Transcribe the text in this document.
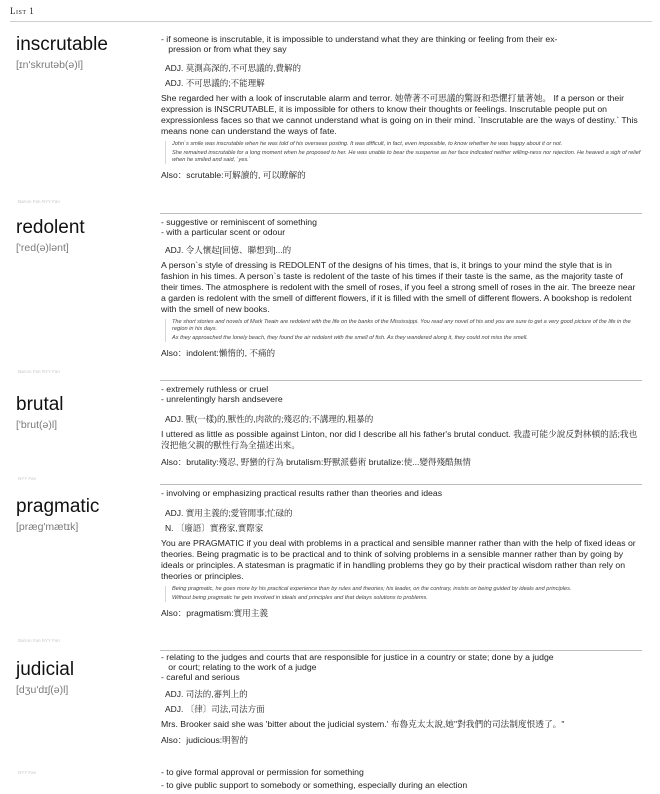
List 1
inscrutable
[ɪn'skrutəb(ə)l]
- if someone is inscrutable, it is impossible to understand what they are thinking or feeling from their ex-
pression or from what they say
ADJ. 莫測高深的,不可思議的,費解的
ADJ. 不可思議的;不能理解
She regarded her with a look of inscrutable alarm and terror. 她帶著不可思議的驚訝和恐懼打量著她。 If a person or their expression is INSCRUTABLE, it is impossible for others to know their thoughts or feelings. Inscrutable people put on expressionless faces so that we cannot understand what is going on in their mind. `Inscrutable are the ways of destiny.` This means none can understand the ways of fate.
John`s smile was inscrutable when he was told of his overseas posting. It was difficult, in fact, even impossible, to know whether he was happy about it or not.
She remained inscrutable for a long moment when he proposed to her. He was unable to bear the suspense as her face indicated neither willing-ness nor rejection. He heaved a sigh of relief when he smiled and said, `yes.`
Also：scrutable:可解讀的, 可以瞭解的
Barron Fan NYY Fan
redolent
['red(ə)lənt]
- suggestive or reminiscent of something
- with a particular scent or odour
ADJ. 令人懷起[回憶、聯想到]...的
A person`s style of dressing is REDOLENT of the designs of his times, that is, it brings to your mind the style that is in fashion in his times. A person`s taste is redolent of the taste of his times if their taste is the same, as the majority taste of their times. The atmosphere is redolent with the smell of roses, if you feel a strong smell of roses in the air. The breeze near a garden is redolent with the smell of different flowers, if it is filled with the smell of different flowers. A bookshop is redolent with the smell of new books.
The short stories and novels of Mark Twain are redolent with the life on the banks of the Mississippi. You read any novel of his and you are sure to get a very good picture of the life in the region in his days.
As they approached the lonely beach, they found the air redolent with the smell of fish. As they wandered along it, they could not miss the smell.
Also：indolent:懶惰的, 不痛的
Barron Fan NYY Fan
brutal
['brut(ə)l]
- extremely ruthless or cruel
- unrelentingly harsh andsevere
ADJ. 獸(一樣)的,獸性的,肉欲的;殘忍的;不講理的,粗暴的
I uttered as little as possible against Linton, nor did I describe all his father's brutal conduct. 我盡可能少說反對林頓的話;我也沒把他父親的獸性行為全描述出來。
Also：brutality:殘忍, 野蠻的行為 brutalism:野獸派藝術 brutalize:使...變得殘酷無情
NYY Fan
pragmatic
[præg'mætɪk]
- involving or emphasizing practical results rather than theories and ideas
ADJ. 實用主義的;愛管閒事;忙碌的
N. 〔廢語〕實務家,實際家
You are PRAGMATIC if you deal with problems in a practical and sensible manner rather than with the help of fixed ideas or theories. Being pragmatic is to be practical and to think of solving problems in a sensible manner rather than by going by ideals or principles. A statesman is pragmatic if in handling problems they go by their practical wisdom rather than rely on theories or principles.
Being pragmatic, he goes more by his practical experience than by rules and theories; his leader, on the contrary, insists on being guided by ideals and principles.
Without being pragmatic he gets involved in ideals and principles and that delays solutions to problems.
Also：pragmatism:實用主義
Barron Fan NYY Fan
judicial
[dʒu'dɪʃ(ə)l]
- relating to the judges and courts that are responsible for justice in a country or state; done by a judge
or court; relating to the work of a judge
- careful and serious
ADJ. 司法的,審判上的
ADJ. 〔律〕司法,司法方面
Mrs. Brooker said she was 'bitter about the judicial system.' 布魯克太太說,她"對我們的司法制度恨透了。"
Also：judicious:明智的
NYY Fan	- to give formal approval or permission for something
- to give public support to somebody or something, especially during an election
